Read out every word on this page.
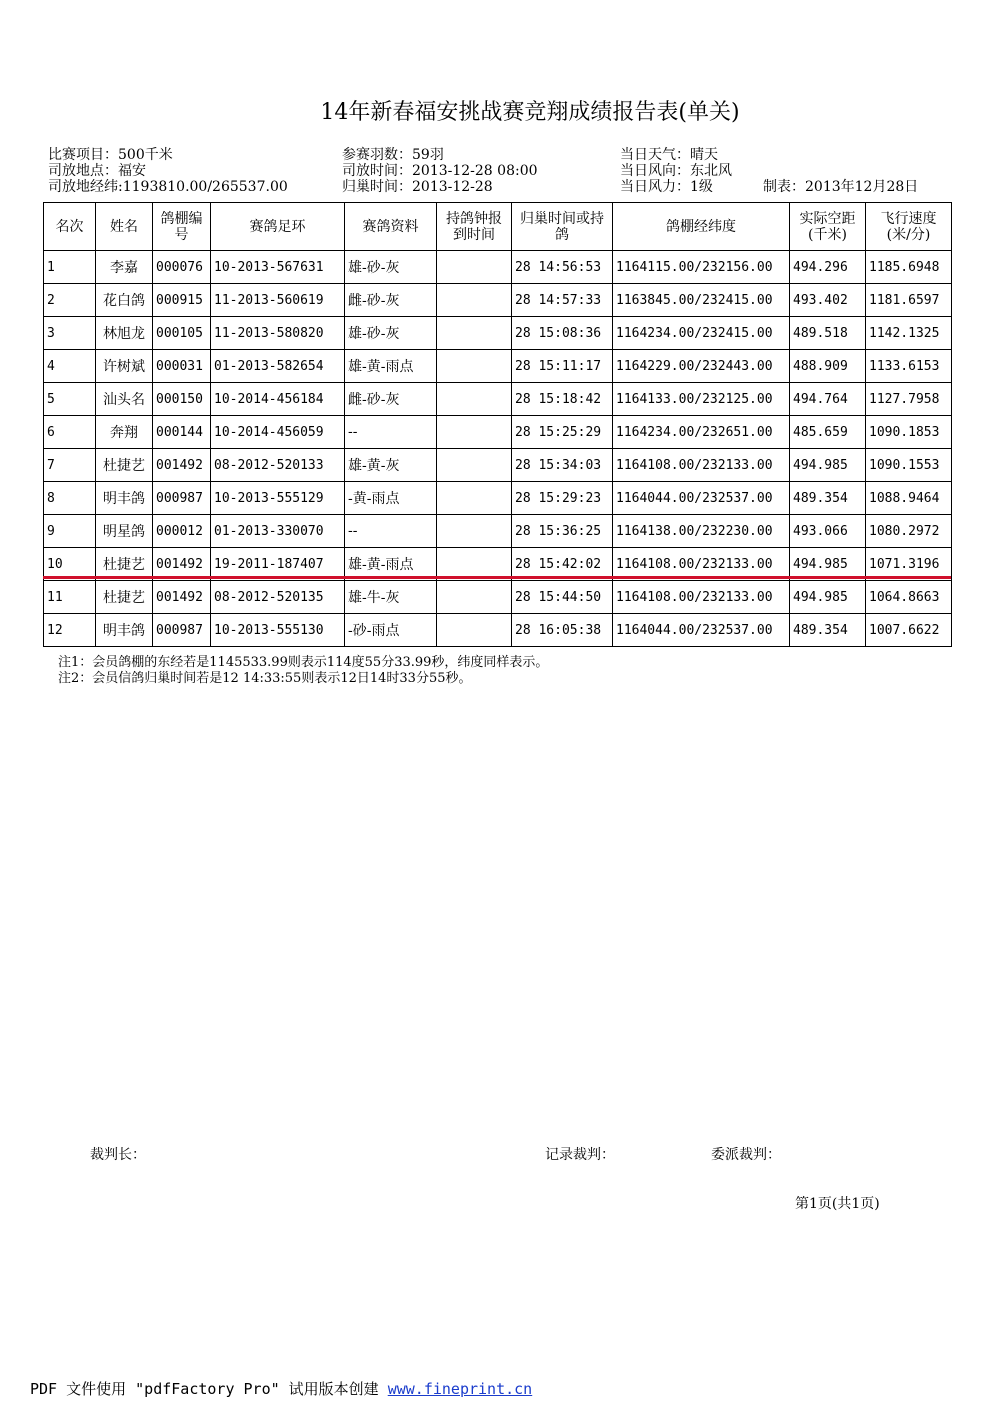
14年新春福安挑战赛竞翔成绩报告表(单关)
比赛项目：500千米
司放地点：福安
司放地经纬:1193810.00/265537.00
参赛羽数：59羽
司放时间：2013-12-28 08:00
归巢时间：2013-12-28
当日天气：晴天
当日风向：东北风
当日风力：1级	制表：2013年12月28日
名次	姓名	鸽棚编号	赛鸽足环	赛鸽资料	持鸽钟报到时间	归巢时间或持鸽	鸽棚经纬度	实际空距(千米)	飞行速度(米/分)
1	李嘉	000076	10-2013-567631	雄-砂-灰		28 14:56:53	1164115.00/232156.00	494.296	1185.6948
2	花白鸽	000915	11-2013-560619	雌-砂-灰		28 14:57:33	1163845.00/232415.00	493.402	1181.6597
3	林旭龙	000105	11-2013-580820	雄-砂-灰		28 15:08:36	1164234.00/232415.00	489.518	1142.1325
4	许树斌	000031	01-2013-582654	雄-黄-雨点		28 15:11:17	1164229.00/232443.00	488.909	1133.6153
5	汕头名	000150	10-2014-456184	雌-砂-灰		28 15:18:42	1164133.00/232125.00	494.764	1127.7958
6	奔翔	000144	10-2014-456059	--		28 15:25:29	1164234.00/232651.00	485.659	1090.1853
7	杜捷艺	001492	08-2012-520133	雄-黄-灰		28 15:34:03	1164108.00/232133.00	494.985	1090.1553
8	明丰鸽	000987	10-2013-555129	-黄-雨点		28 15:29:23	1164044.00/232537.00	489.354	1088.9464
9	明星鸽	000012	01-2013-330070	--		28 15:36:25	1164138.00/232230.00	493.066	1080.2972
10	杜捷艺	001492	19-2011-187407	雄-黄-雨点		28 15:42:02	1164108.00/232133.00	494.985	1071.3196
11	杜捷艺	001492	08-2012-520135	雄-牛-灰		28 15:44:50	1164108.00/232133.00	494.985	1064.8663
12	明丰鸽	000987	10-2013-555130	-砂-雨点		28 16:05:38	1164044.00/232537.00	489.354	1007.6622
注1：会员鸽棚的东经若是1145533.99则表示114度55分33.99秒，纬度同样表示。
注2：会员信鸽归巢时间若是12 14:33:55则表示12日14时33分55秒。
裁判长：	记录裁判：	委派裁判：
第1页(共1页)
PDF 文件使用 "pdfFactory Pro" 试用版本创建 www.fineprint.cn
